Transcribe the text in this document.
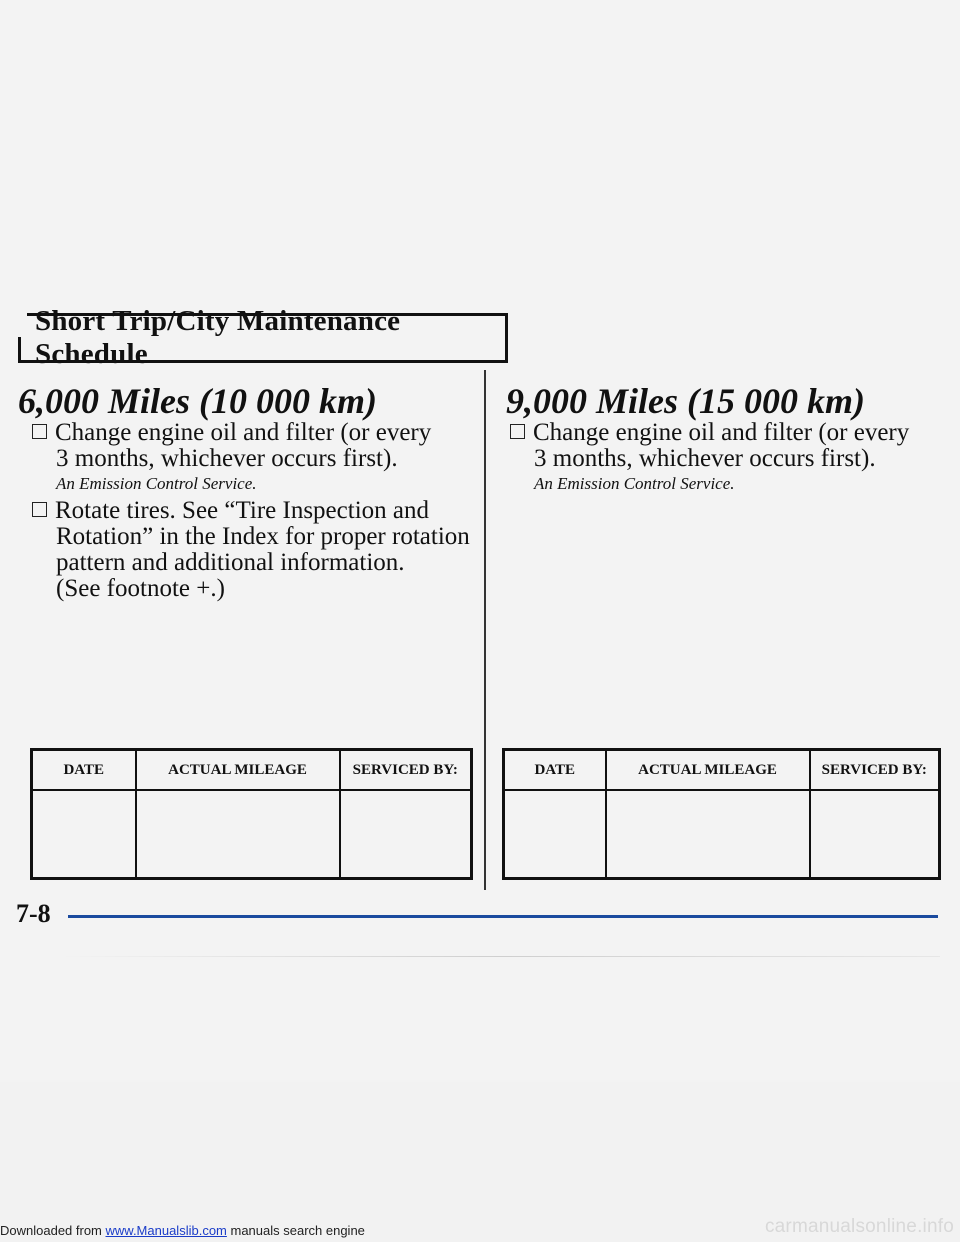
Short Trip/City Maintenance Schedule
6,000 Miles (10 000 km)
Change engine oil and filter (or every
3 months, whichever occurs first).
An Emission Control Service.
Rotate tires. See “Tire Inspection and
Rotation” in the Index for proper rotation
pattern and additional information.
(See footnote +.)
DATE	ACTUAL MILEAGE	SERVICED BY:

9,000 Miles (15 000 km)
Change engine oil and filter (or every
3 months, whichever occurs first).
An Emission Control Service.
DATE	ACTUAL MILEAGE	SERVICED BY:

7-8
Downloaded from www.Manualslib.com manuals search engine	carmanualsonline.info
